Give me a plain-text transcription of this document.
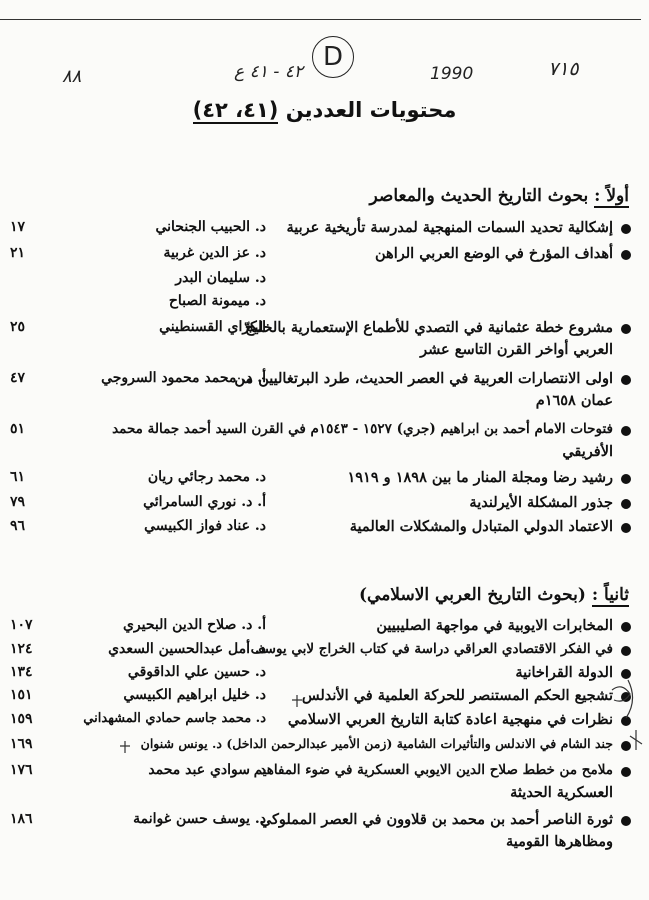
٨٨	٤٢ - ٤١ ع D
1990	٧١٥
محتويات العددين (٤١، ٤٢)
أولاً : بحوث التاريخ الحديث والمعاصر
إشكالية تحديد السمات المنهجية لمدرسة تأريخية عربية
د. الحبيب الجنحاني
١٧
أهداف المؤرخ في الوضع العربي الراهن
د. عز الدين غربية
٢١
د. سليمان البدر
د. ميمونة الصباح
مشروع خطة عثمانية في التصدي للأطماع الإستعمارية بالخليج
العربي أواخر القرن التاسع عشر
الكرّاي القسنطيني
٢٥
اولى الانتصارات العربية في العصر الحديث، طرد البرتغاليين من
عمان ١٦٥٨م
أ. د. محمد محمود السروجي
٤٧
فتوحات الامام أحمد بن ابراهيم (جري) ١٥٢٧ - ١٥٤٣م في القرن السيد أحمد جمالة محمد
الأفريقي
٥١
رشيد رضا ومجلة المنار ما بين ١٨٩٨ و ١٩١٩
د. محمد رجائي ريان
٦١
جذور المشكلة الأيرلندية
أ. د. نوري السامرائي
٧٩
الاعتماد الدولي المتبادل والمشكلات العالمية
د. عناد فواز الكبيسي
٩٦
ثانياً : (بحوث التاريخ العربي الاسلامي)
المخابرات الايوبية في مواجهة الصليبيين
أ. د. صلاح الدين البحيري
١٠٧
في الفكر الاقتصادي العراقي دراسة في كتاب الخراج لابي يوسف
د. أمل عبدالحسين السعدي
١٢٤
الدولة القراخانية
د. حسين علي الداقوقي
١٣٤
تشجيع الحكم المستنصر للحركة العلمية في الأندلس
د. خليل ابراهيم الكبيسي
١٥١
نظرات في منهجية اعادة كتابة التاريخ العربي الاسلامي
د. محمد جاسم حمادي المشهداني
١٥٩
جند الشام في الاندلس والتأثيرات الشامية (زمن الأمير عبدالرحمن الداخل) د. يونس شنوان
١٦٩
ملامح من خطط صلاح الدين الايوبي العسكرية في ضوء المفاهيم
العسكرية الحديثة
د. سوادي عبد محمد
١٧٦
ثورة الناصر أحمد بن محمد بن قلاوون في العصر المملوكي
ومظاهرها القومية
د. يوسف حسن غوانمة
١٨٦
